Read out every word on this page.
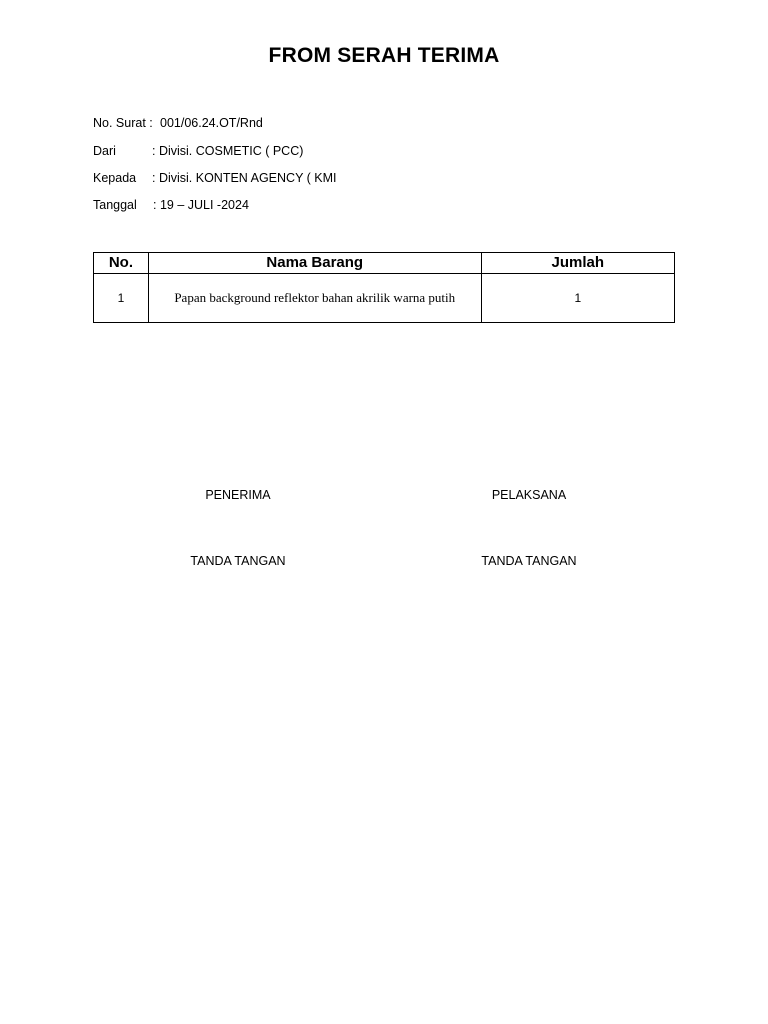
FROM SERAH TERIMA
No. Surat : 001/06.24.OT/Rnd
Dari	: Divisi. COSMETIC ( PCC)
Kepada : Divisi. KONTEN AGENCY ( KMI
Tanggal : 19 – JULI -2024
No.	Nama Barang	Jumlah
1	Papan background reflektor bahan akrilik warna putih	1
PENERIMA	PELAKSANA
TANDA TANGAN	TANDA TANGAN
